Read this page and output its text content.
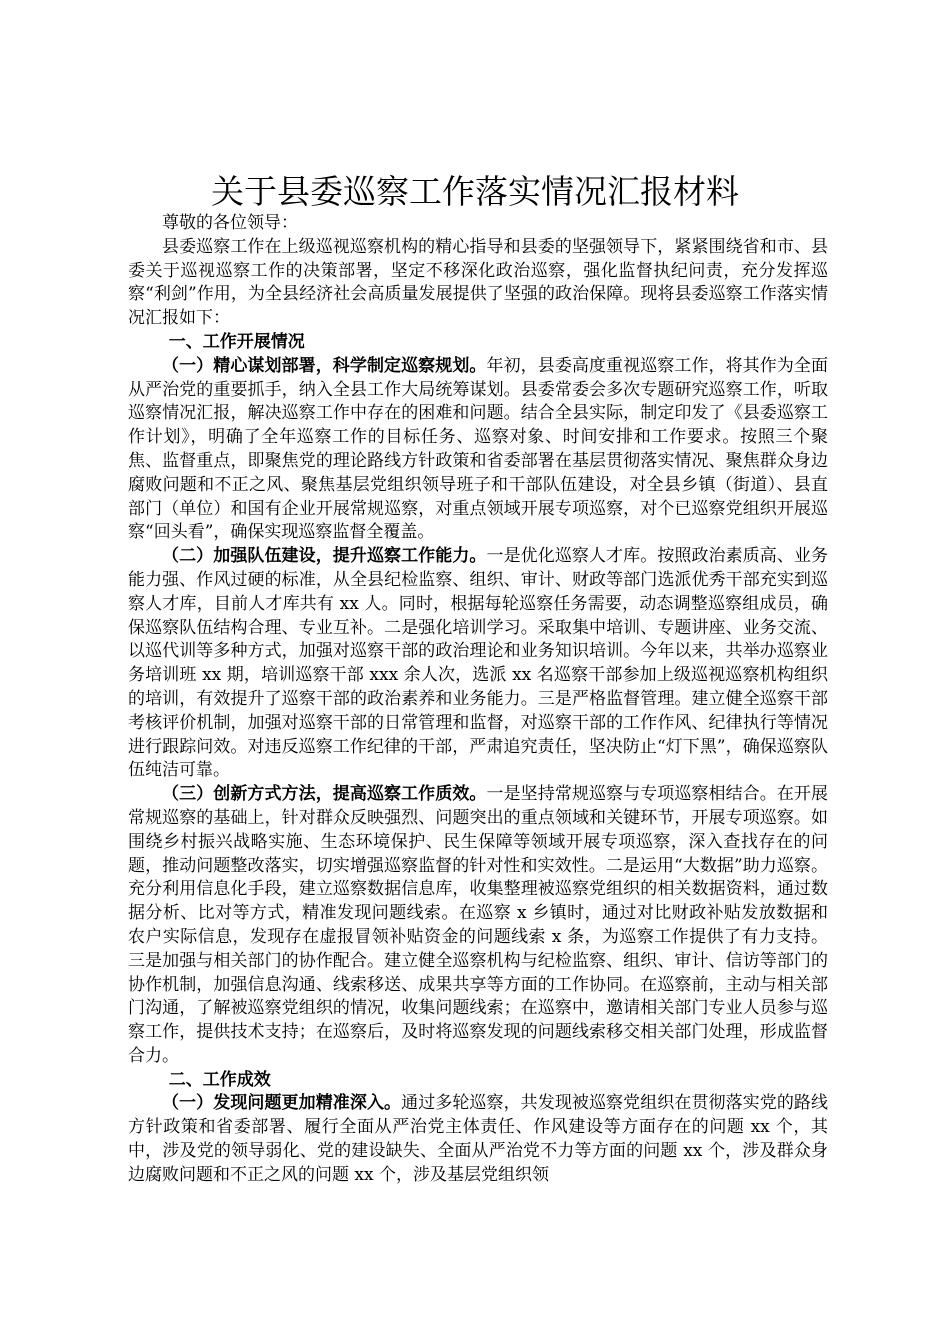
关于县委巡察工作落实情况汇报材料

尊敬的各位领导：

县委巡察工作在上级巡视巡察机构的精心指导和县委的坚强领导下，紧紧围绕省和市、县委关于巡视巡察工作的决策部署，坚定不移深化政治巡察，强化监督执纪问责，充分发挥巡察“利剑”作用，为全县经济社会高质量发展提供了坚强的政治保障。现将县委巡察工作落实情况汇报如下：

一、工作开展情况

（一）精心谋划部署，科学制定巡察规划。年初，县委高度重视巡察工作，将其作为全面从严治党的重要抓手，纳入全县工作大局统筹谋划。县委常委会多次专题研究巡察工作，听取巡察情况汇报，解决巡察工作中存在的困难和问题。结合全县实际，制定印发了《县委巡察工作计划》，明确了全年巡察工作的目标任务、巡察对象、时间安排和工作要求。按照三个聚焦、监督重点，即聚焦党的理论路线方针政策和省委部署在基层贯彻落实情况、聚焦群众身边腐败问题和不正之风、聚焦基层党组织领导班子和干部队伍建设，对全县乡镇（街道）、县直部门（单位）和国有企业开展常规巡察，对重点领域开展专项巡察，对个已巡察党组织开展巡察“回头看”，确保实现巡察监督全覆盖。

（二）加强队伍建设，提升巡察工作能力。一是优化巡察人才库。按照政治素质高、业务能力强、作风过硬的标准，从全县纪检监察、组织、审计、财政等部门选派优秀干部充实到巡察人才库，目前人才库共有 xx 人。同时，根据每轮巡察任务需要，动态调整巡察组成员，确保巡察队伍结构合理、专业互补。二是强化培训学习。采取集中培训、专题讲座、业务交流、以巡代训等多种方式，加强对巡察干部的政治理论和业务知识培训。今年以来，共举办巡察业务培训班 xx 期，培训巡察干部 xxx 余人次，选派 xx 名巡察干部参加上级巡视巡察机构组织的培训，有效提升了巡察干部的政治素养和业务能力。三是严格监督管理。建立健全巡察干部考核评价机制，加强对巡察干部的日常管理和监督，对巡察干部的工作作风、纪律执行等情况进行跟踪问效。对违反巡察工作纪律的干部，严肃追究责任，坚决防止“灯下黑”，确保巡察队伍纯洁可靠。

（三）创新方式方法，提高巡察工作质效。一是坚持常规巡察与专项巡察相结合。在开展常规巡察的基础上，针对群众反映强烈、问题突出的重点领域和关键环节，开展专项巡察。如围绕乡村振兴战略实施、生态环境保护、民生保障等领域开展专项巡察，深入查找存在的问题，推动问题整改落实，切实增强巡察监督的针对性和实效性。二是运用“大数据”助力巡察。充分利用信息化手段，建立巡察数据信息库，收集整理被巡察党组织的相关数据资料，通过数据分析、比对等方式，精准发现问题线索。在巡察 x 乡镇时，通过对比财政补贴发放数据和农户实际信息，发现存在虚报冒领补贴资金的问题线索 x 条，为巡察工作提供了有力支持。三是加强与相关部门的协作配合。建立健全巡察机构与纪检监察、组织、审计、信访等部门的协作机制，加强信息沟通、线索移送、成果共享等方面的工作协同。在巡察前，主动与相关部门沟通，了解被巡察党组织的情况，收集问题线索；在巡察中，邀请相关部门专业人员参与巡察工作，提供技术支持；在巡察后，及时将巡察发现的问题线索移交相关部门处理，形成监督合力。

二、工作成效

（一）发现问题更加精准深入。通过多轮巡察，共发现被巡察党组织在贯彻落实党的路线方针政策和省委部署、履行全面从严治党主体责任、作风建设等方面存在的问题 xx 个，其中，涉及党的领导弱化、党的建设缺失、全面从严治党不力等方面的问题 xx 个，涉及群众身边腐败问题和不正之风的问题 xx 个，涉及基层党组织领
